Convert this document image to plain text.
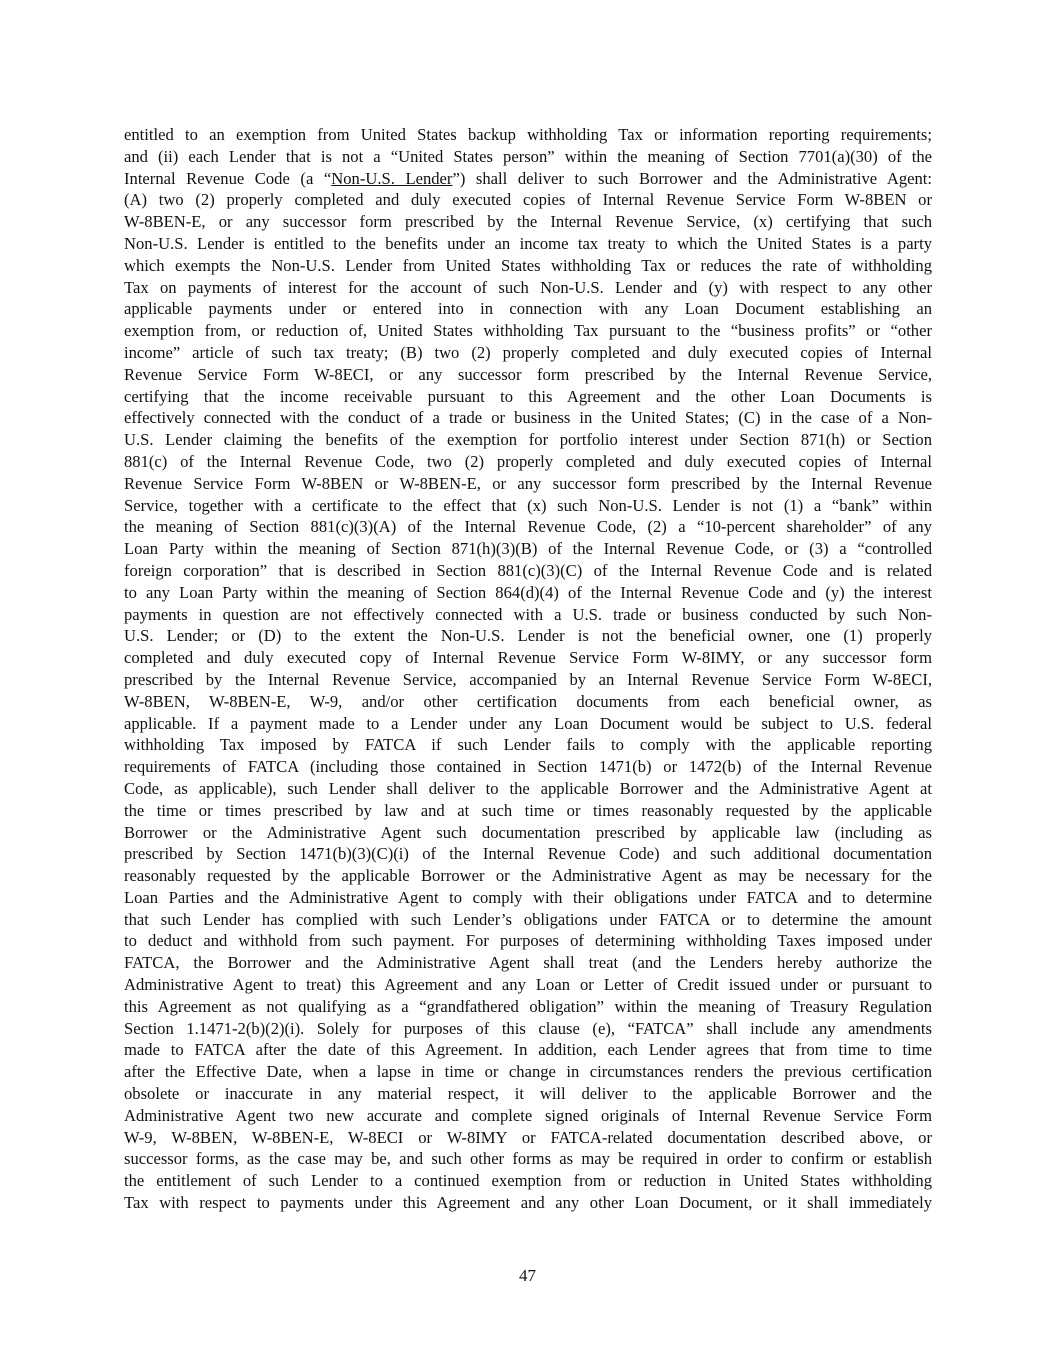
entitled to an exemption from United States backup withholding Tax or information reporting requirements;
and (ii) each Lender that is not a “United States person” within the meaning of Section 7701(a)(30) of the
Internal Revenue Code (a “Non-U.S. Lender”) shall deliver to such Borrower and the Administrative Agent:
(A) two (2) properly completed and duly executed copies of Internal Revenue Service Form W-8BEN or
W-8BEN-E, or any successor form prescribed by the Internal Revenue Service, (x) certifying that such
Non-U.S. Lender is entitled to the benefits under an income tax treaty to which the United States is a party
which exempts the Non-U.S. Lender from United States withholding Tax or reduces the rate of withholding
Tax on payments of interest for the account of such Non-U.S. Lender and (y) with respect to any other
applicable payments under or entered into in connection with any Loan Document establishing an
exemption from, or reduction of, United States withholding Tax pursuant to the “business profits” or “other
income” article of such tax treaty; (B) two (2) properly completed and duly executed copies of Internal
Revenue Service Form W-8ECI, or any successor form prescribed by the Internal Revenue Service,
certifying that the income receivable pursuant to this Agreement and the other Loan Documents is
effectively connected with the conduct of a trade or business in the United States; (C) in the case of a Non-
U.S. Lender claiming the benefits of the exemption for portfolio interest under Section 871(h) or Section
881(c) of the Internal Revenue Code, two (2) properly completed and duly executed copies of Internal
Revenue Service Form W-8BEN or W-8BEN-E, or any successor form prescribed by the Internal Revenue
Service, together with a certificate to the effect that (x) such Non-U.S. Lender is not (1) a “bank” within
the meaning of Section 881(c)(3)(A) of the Internal Revenue Code, (2) a “10-percent shareholder” of any
Loan Party within the meaning of Section 871(h)(3)(B) of the Internal Revenue Code, or (3) a “controlled
foreign corporation” that is described in Section 881(c)(3)(C) of the Internal Revenue Code and is related
to any Loan Party within the meaning of Section 864(d)(4) of the Internal Revenue Code and (y) the interest
payments in question are not effectively connected with a U.S. trade or business conducted by such Non-
U.S. Lender; or (D) to the extent the Non-U.S. Lender is not the beneficial owner, one (1) properly
completed and duly executed copy of Internal Revenue Service Form W-8IMY, or any successor form
prescribed by the Internal Revenue Service, accompanied by an Internal Revenue Service Form W-8ECI,
W-8BEN, W-8BEN-E, W-9, and/or other certification documents from each beneficial owner, as
applicable. If a payment made to a Lender under any Loan Document would be subject to U.S. federal
withholding Tax imposed by FATCA if such Lender fails to comply with the applicable reporting
requirements of FATCA (including those contained in Section 1471(b) or 1472(b) of the Internal Revenue
Code, as applicable), such Lender shall deliver to the applicable Borrower and the Administrative Agent at
the time or times prescribed by law and at such time or times reasonably requested by the applicable
Borrower or the Administrative Agent such documentation prescribed by applicable law (including as
prescribed by Section 1471(b)(3)(C)(i) of the Internal Revenue Code) and such additional documentation
reasonably requested by the applicable Borrower or the Administrative Agent as may be necessary for the
Loan Parties and the Administrative Agent to comply with their obligations under FATCA and to determine
that such Lender has complied with such Lender’s obligations under FATCA or to determine the amount
to deduct and withhold from such payment. For purposes of determining withholding Taxes imposed under
FATCA, the Borrower and the Administrative Agent shall treat (and the Lenders hereby authorize the
Administrative Agent to treat) this Agreement and any Loan or Letter of Credit issued under or pursuant to
this Agreement as not qualifying as a “grandfathered obligation” within the meaning of Treasury Regulation
Section 1.1471-2(b)(2)(i). Solely for purposes of this clause (e), “FATCA” shall include any amendments
made to FATCA after the date of this Agreement. In addition, each Lender agrees that from time to time
after the Effective Date, when a lapse in time or change in circumstances renders the previous certification
obsolete or inaccurate in any material respect, it will deliver to the applicable Borrower and the
Administrative Agent two new accurate and complete signed originals of Internal Revenue Service Form
W-9, W-8BEN, W-8BEN-E, W-8ECI or W-8IMY or FATCA-related documentation described above, or
successor forms, as the case may be, and such other forms as may be required in order to confirm or establish
the entitlement of such Lender to a continued exemption from or reduction in United States withholding
Tax with respect to payments under this Agreement and any other Loan Document, or it shall immediately
47
